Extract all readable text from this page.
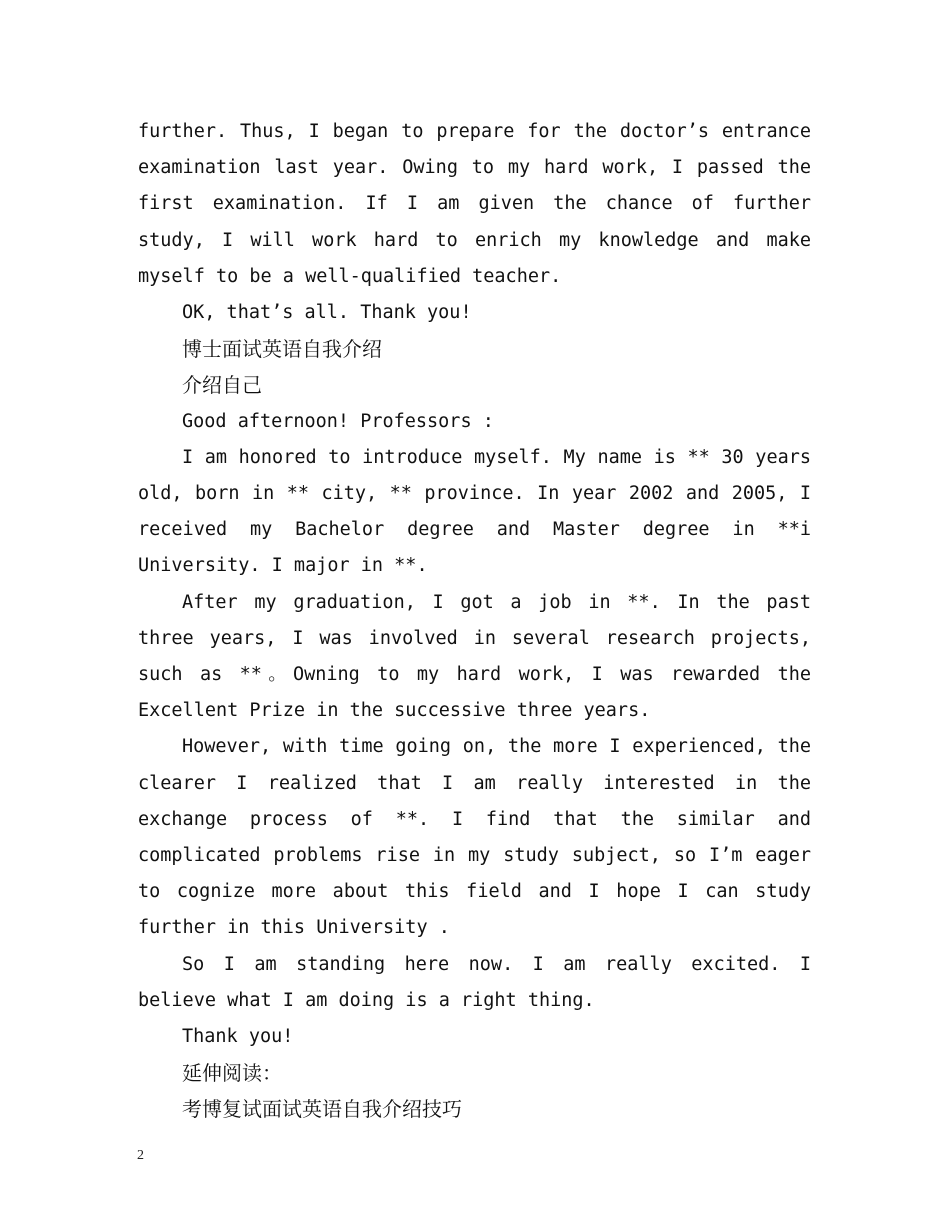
further. Thus, I began to prepare for the doctor’s entrance examination last year. Owing to my hard work, I passed the first examination. If I am given the chance of further study, I will work hard to enrich my knowledge and make myself to be a well-qualified teacher.

OK, that’s all. Thank you!

博士面试英语自我介绍

介绍自己

Good afternoon! Professors :

I am honored to introduce myself. My name is ** 30 years old, born in ** city, ** province. In year 2002 and 2005, I received my Bachelor degree and Master degree in **i University. I major in **.

After my graduation, I got a job in **. In the past three years, I was involved in several research projects, such as **。Owning to my hard work, I was rewarded the Excellent Prize in the successive three years.

However, with time going on, the more I experienced, the clearer I realized that I am really interested in the exchange process of **. I find that the similar and complicated problems rise in my study subject, so I’m eager to cognize more about this field and I hope I can study further in this University .

So I am standing here now. I am really excited. I believe what I am doing is a right thing.

Thank you!

延伸阅读：

考博复试面试英语自我介绍技巧

2
